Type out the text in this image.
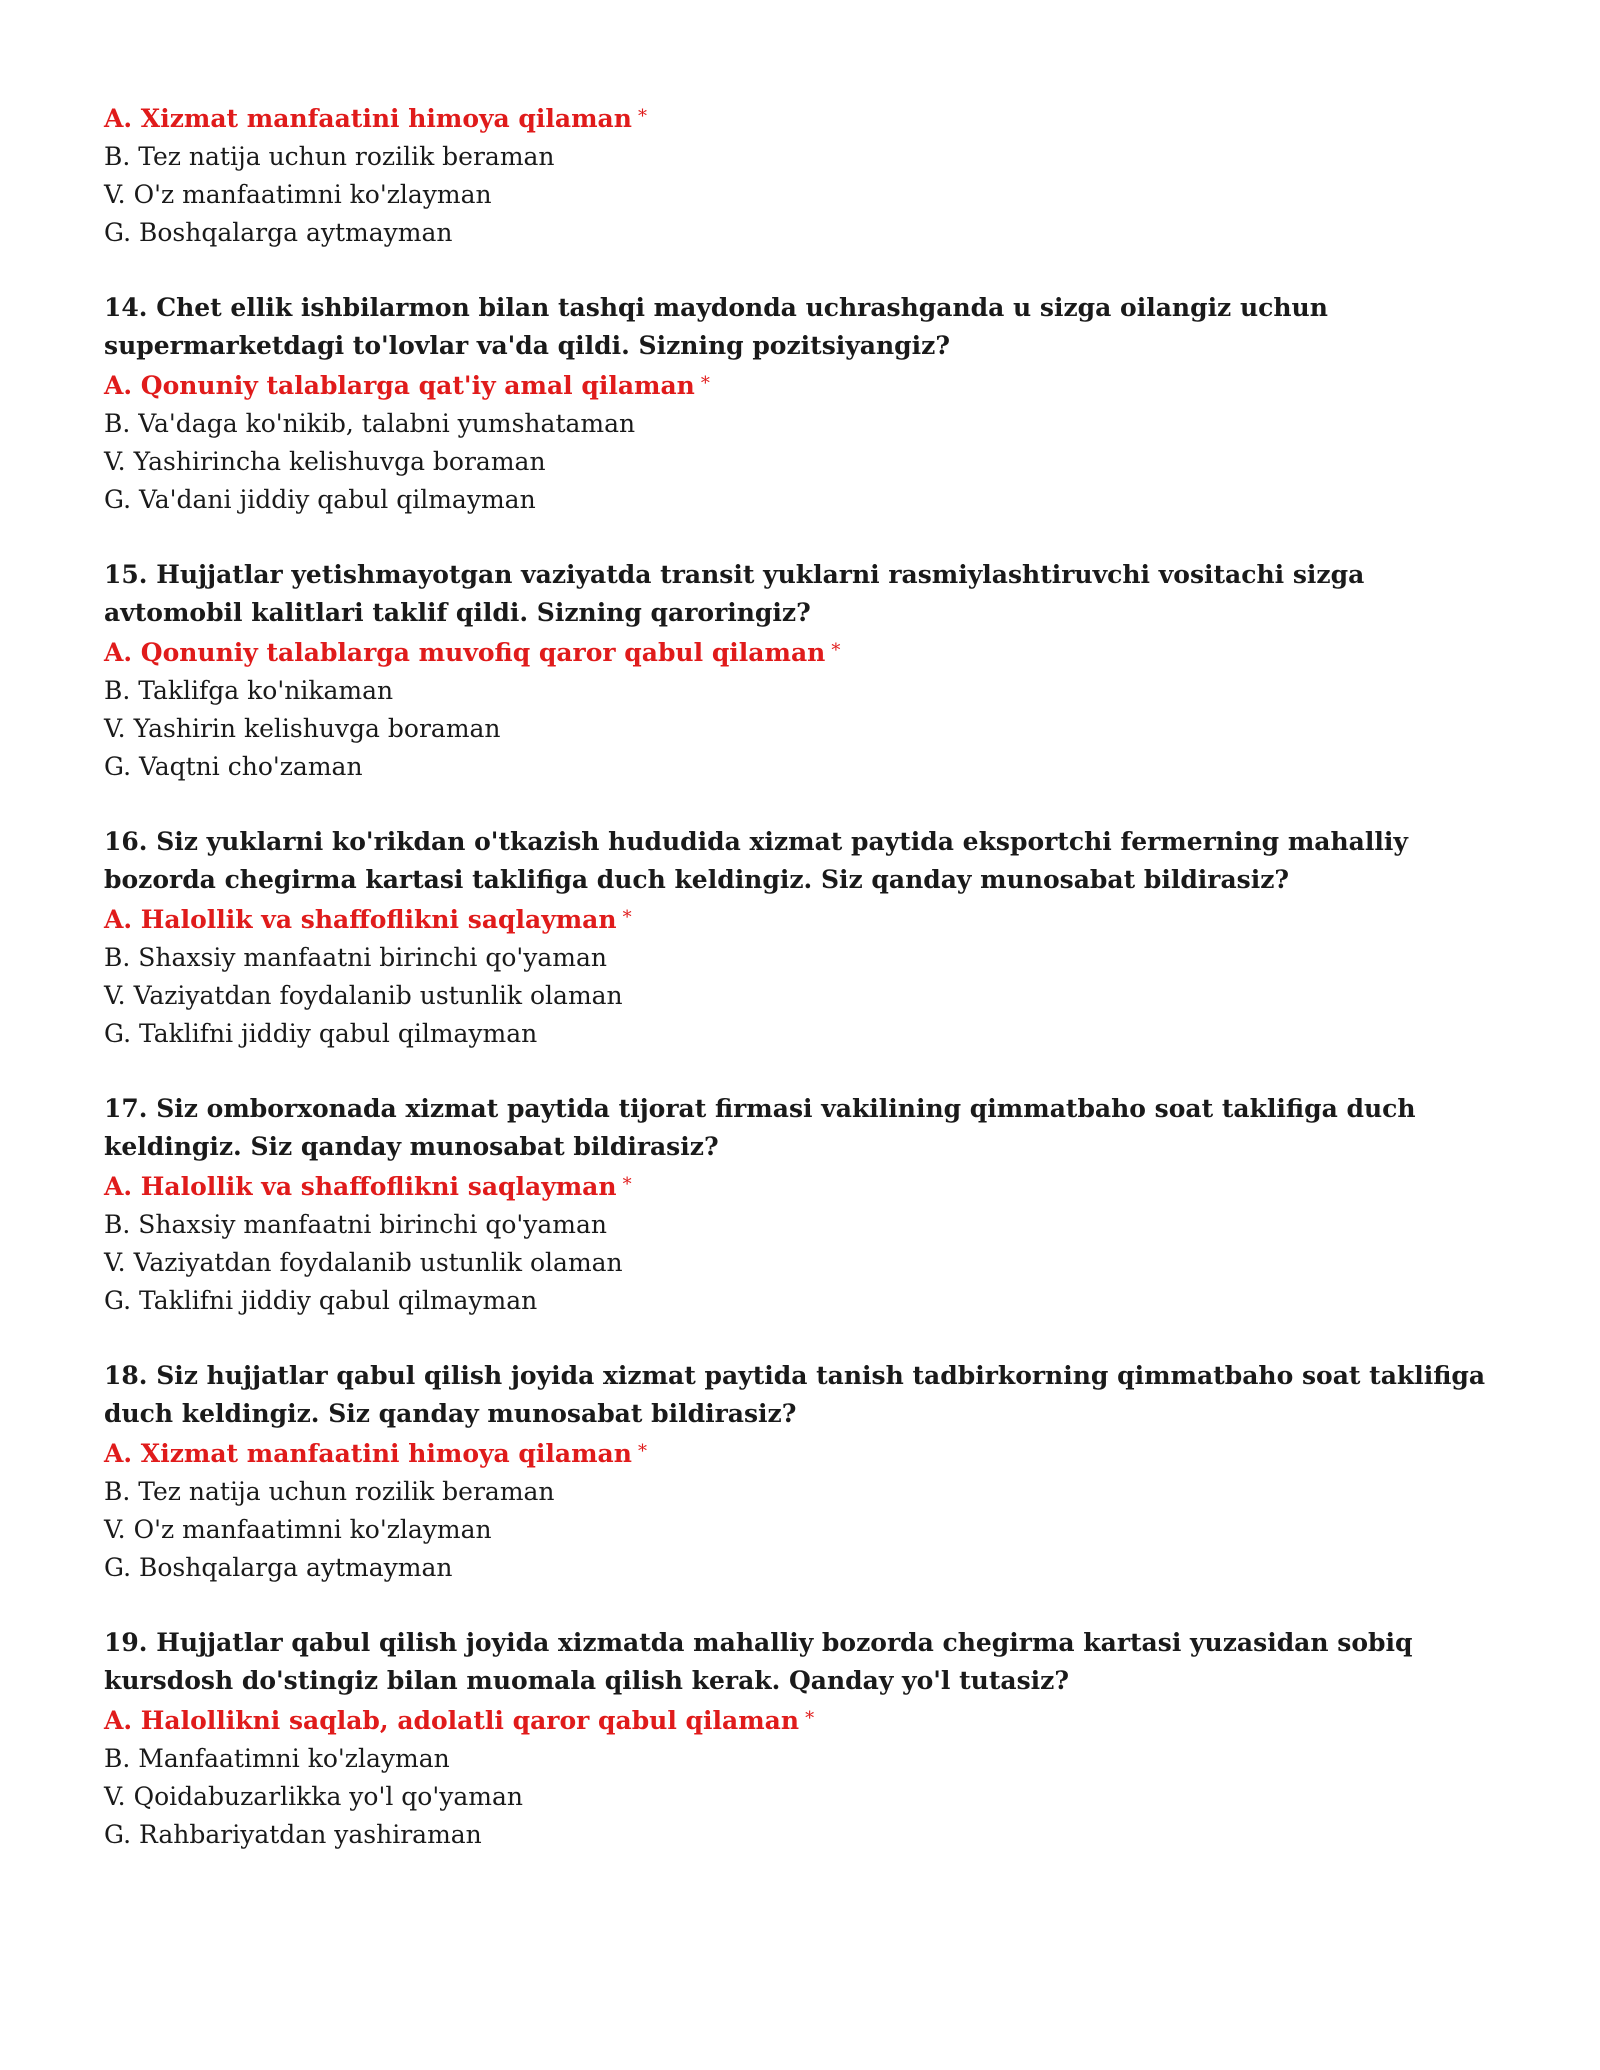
A. Xizmat manfaatini himoya qilaman *

B. Tez natija uchun rozilik beraman

V. O'z manfaatimni ko'zlayman

G. Boshqalarga aytmayman

14. Chet ellik ishbilarmon bilan tashqi maydonda uchrashganda u sizga oilangiz uchun supermarketdagi to'lovlar va'da qildi. Sizning pozitsiyangiz?

A. Qonuniy talablarga qat'iy amal qilaman *

B. Va'daga ko'nikib, talabni yumshataman

V. Yashirincha kelishuvga boraman

G. Va'dani jiddiy qabul qilmayman

15. Hujjatlar yetishmayotgan vaziyatda transit yuklarni rasmiylashtiruvchi vositachi sizga avtomobil kalitlari taklif qildi. Sizning qaroringiz?

A. Qonuniy talablarga muvofiq qaror qabul qilaman *

B. Taklifga ko'nikaman

V. Yashirin kelishuvga boraman

G. Vaqtni cho'zaman

16. Siz yuklarni ko'rikdan o'tkazish hududida xizmat paytida eksportchi fermerning mahalliy bozorda chegirma kartasi taklifiga duch keldingiz. Siz qanday munosabat bildirasiz?

A. Halollik va shaffoflikni saqlayman *

B. Shaxsiy manfaatni birinchi qo'yaman

V. Vaziyatdan foydalanib ustunlik olaman

G. Taklifni jiddiy qabul qilmayman

17. Siz omborxonada xizmat paytida tijorat firmasi vakilining qimmatbaho soat taklifiga duch keldingiz. Siz qanday munosabat bildirasiz?

A. Halollik va shaffoflikni saqlayman *

B. Shaxsiy manfaatni birinchi qo'yaman

V. Vaziyatdan foydalanib ustunlik olaman

G. Taklifni jiddiy qabul qilmayman

18. Siz hujjatlar qabul qilish joyida xizmat paytida tanish tadbirkorning qimmatbaho soat taklifiga duch keldingiz. Siz qanday munosabat bildirasiz?

A. Xizmat manfaatini himoya qilaman *

B. Tez natija uchun rozilik beraman

V. O'z manfaatimni ko'zlayman

G. Boshqalarga aytmayman

19. Hujjatlar qabul qilish joyida xizmatda mahalliy bozorda chegirma kartasi yuzasidan sobiq kursdosh do'stingiz bilan muomala qilish kerak. Qanday yo'l tutasiz?

A. Halollikni saqlab, adolatli qaror qabul qilaman *

B. Manfaatimni ko'zlayman

V. Qoidabuzarlikka yo'l qo'yaman

G. Rahbariyatdan yashiraman
